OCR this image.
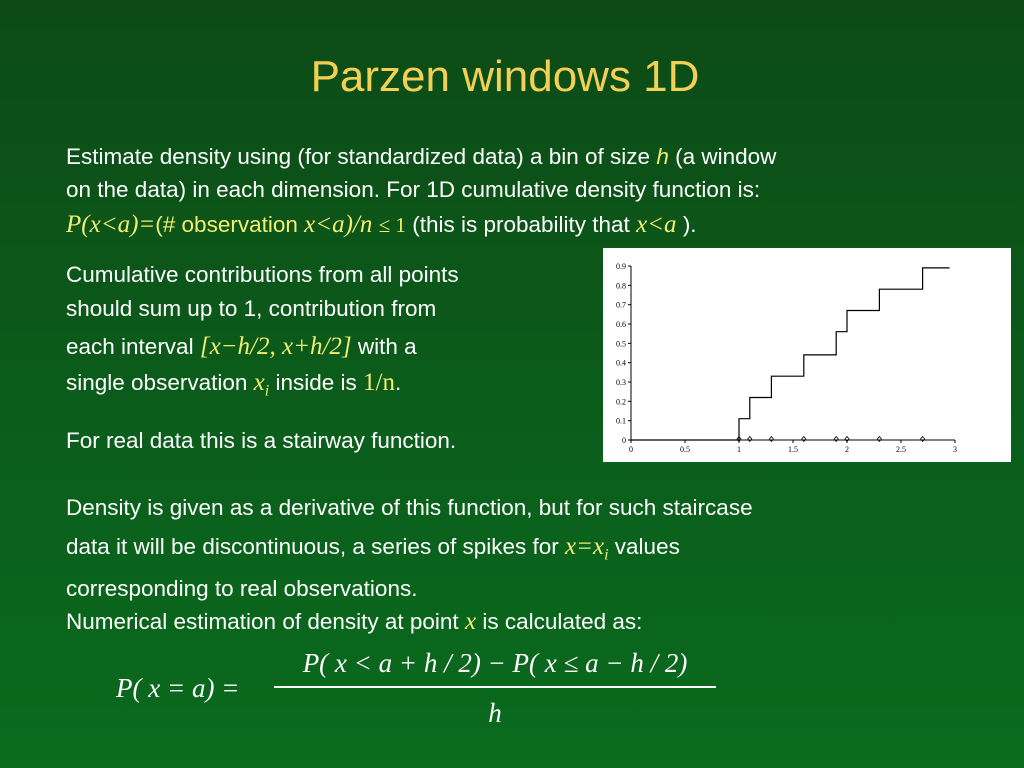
Parzen windows 1D
Estimate density using (for standardized data) a bin of size h (a window
on the data) in each dimension. For 1D cumulative density function is:
P(x<a)=(# observation x<a)/n ≤ 1 (this is probability that x<a ).
Cumulative contributions from all points
should sum up to 1, contribution from
each interval [x−h/2, x+h/2] with a
single observation $x_i$ inside is 1/n.
For real data this is a stairway function.	0
0.1
0.2
0.3
0.4
0.5
0.6
0.7
0.8
0.9
0	0.5	1	1.5	2	2.5	3
Density is given as a derivative of this function, but for such staircase
data it will be discontinuous, a series of spikes for $x=x_i$ values
corresponding to real observations.
Numerical estimation of density at point x is calculated as:
P( x = a) =
P( x < a + h / 2) − P( x ≤ a − h / 2)
h
